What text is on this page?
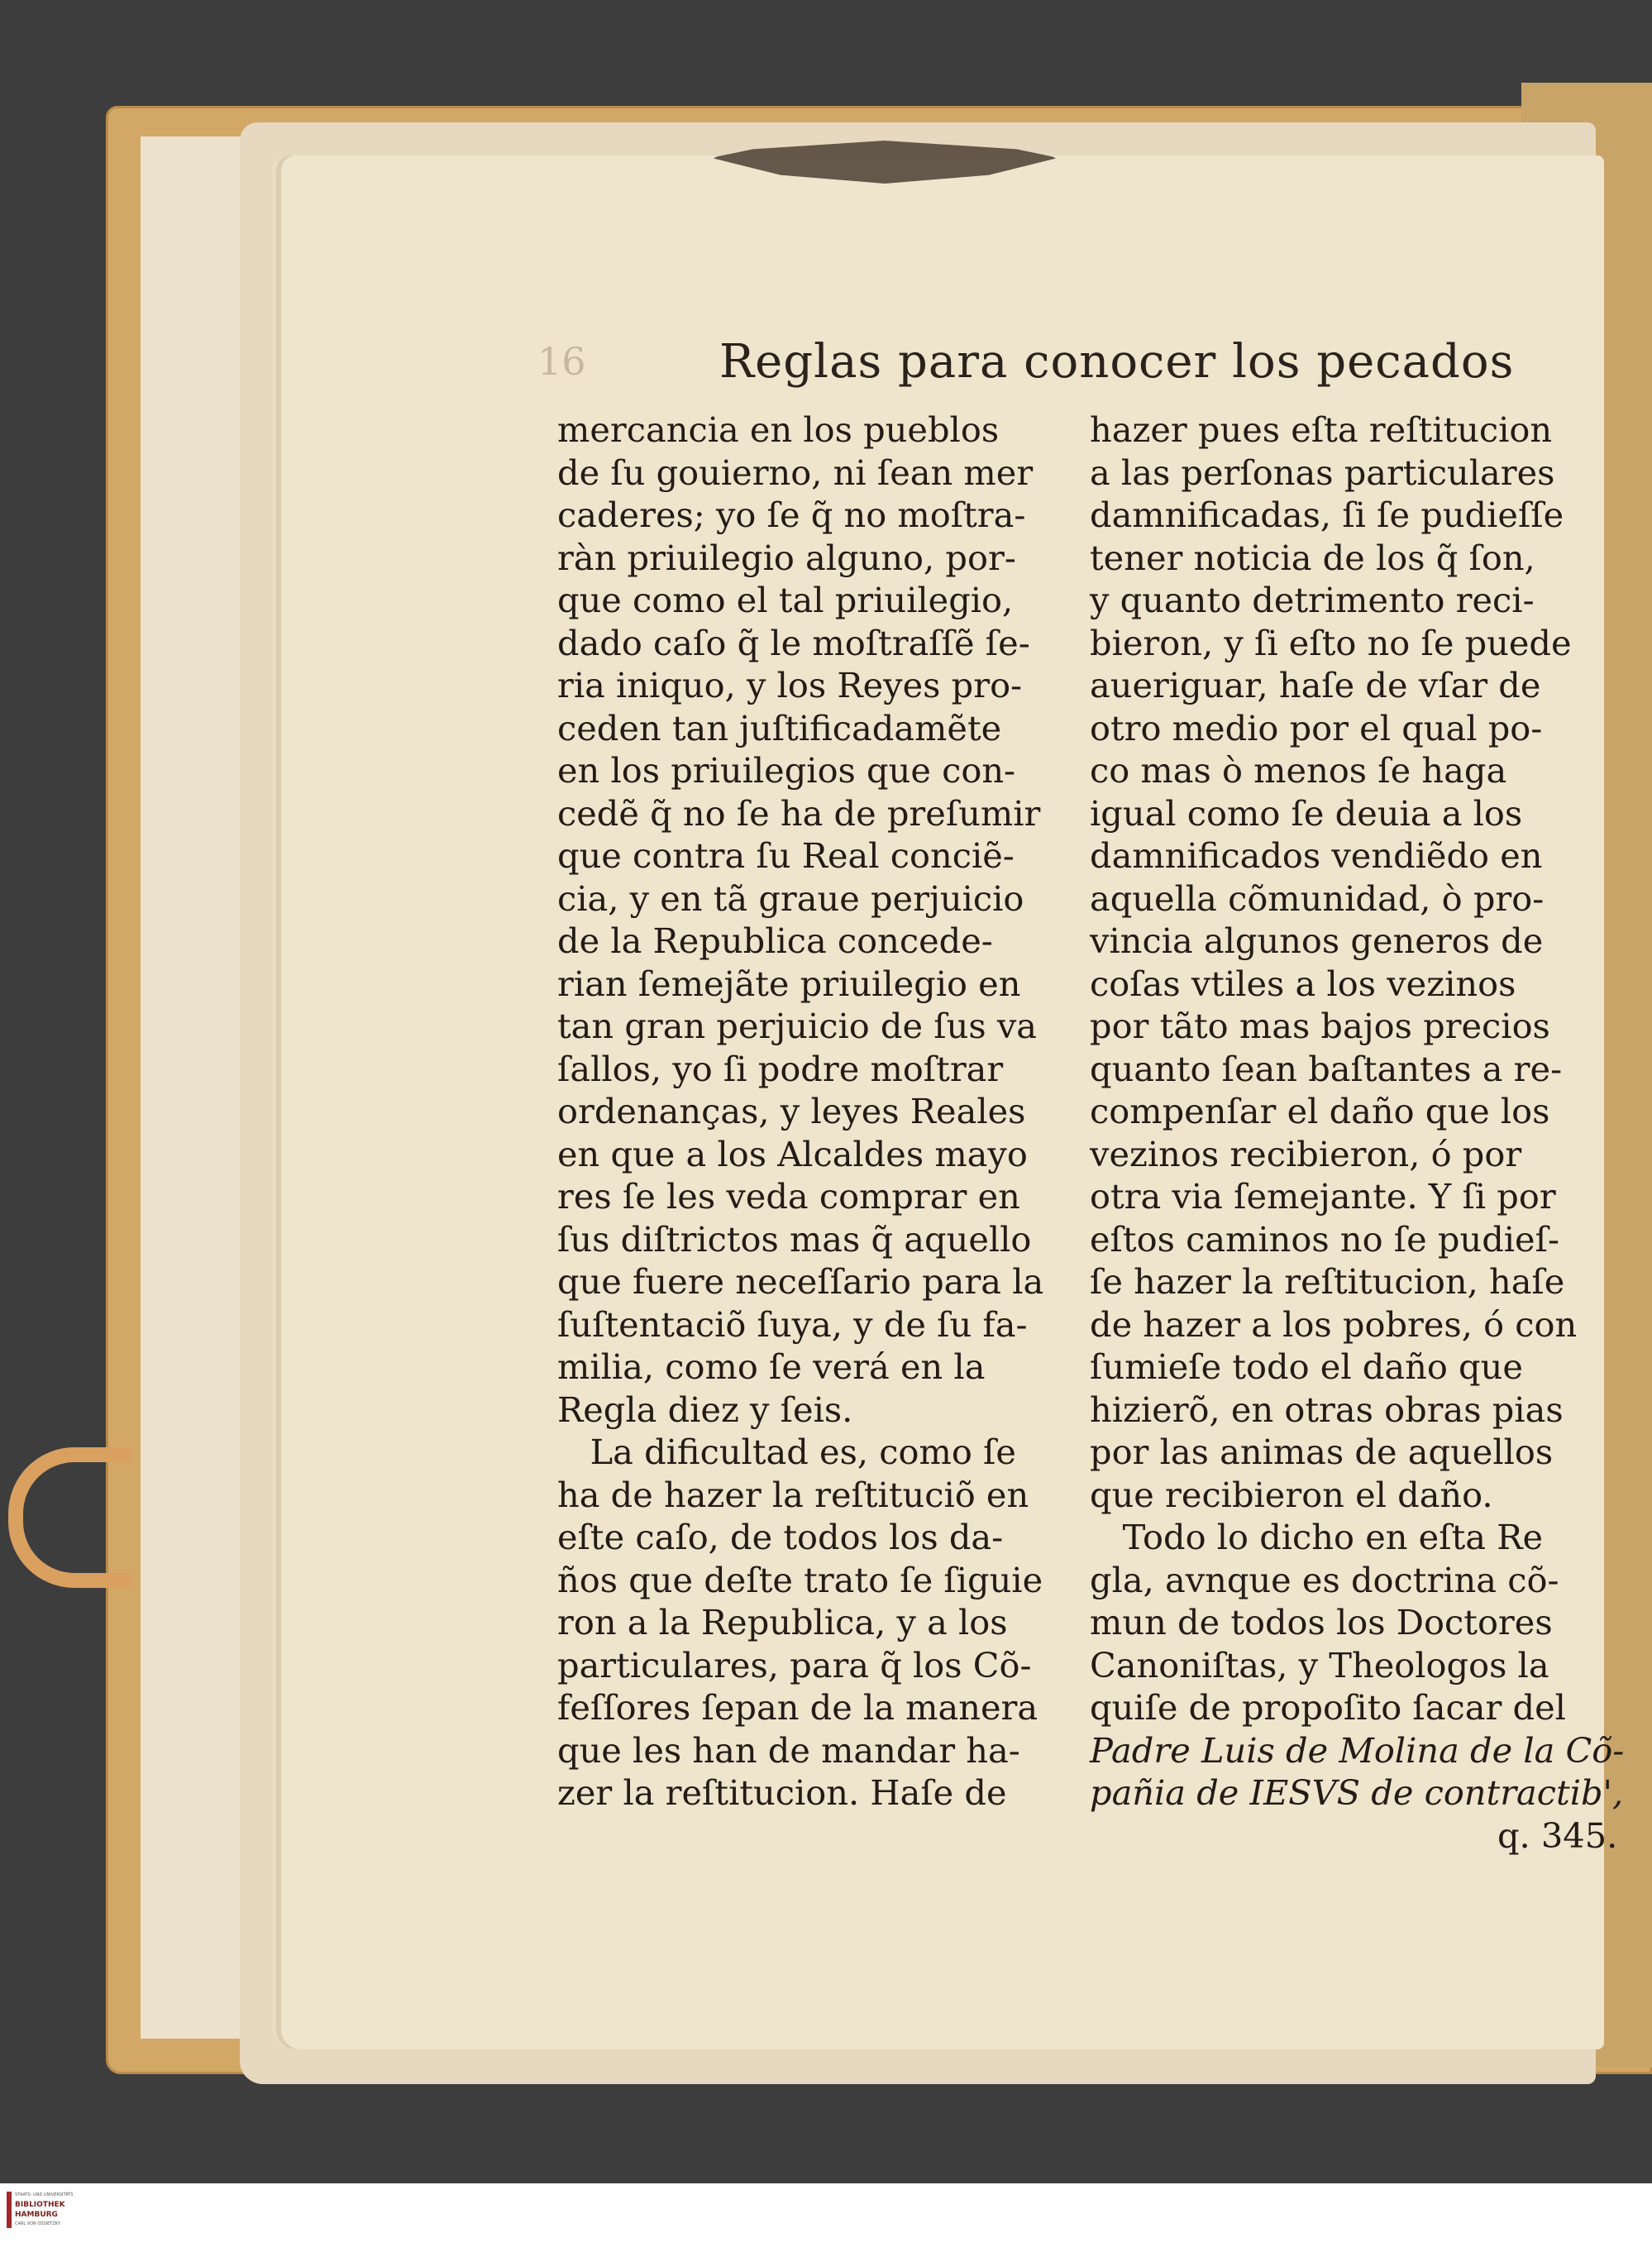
16	Reglas para conocer los pecados
mercancia en los pueblos
de ſu gouierno, ni ſean mer
caderes; yo ſe q̃ no moſtra-
ràn priuilegio alguno, por-
que como el tal priuilegio,
dado caſo q̃ le moſtraſſẽ ſe-
ria iniquo, y los Reyes pro-
ceden tan juſtificadamẽte
en los priuilegios que con-
cedẽ q̃ no ſe ha de preſumir
que contra ſu Real conciẽ-
cia, y en tã graue perjuicio
de la Republica concede-
rian ſemejãte priuilegio en
tan gran perjuicio de ſus va
ſallos, yo ſi podre moſtrar
ordenanças, y leyes Reales
en que a los Alcaldes mayo
res ſe les veda comprar en
ſus diſtrictos mas q̃ aquello
que fuere neceſſario para la
ſuſtentaciõ ſuya, y de ſu fa-
milia, como ſe verá en la
Regla diez y ſeis.
La dificultad es, como ſe
ha de hazer la reſtituciõ en
eſte caſo, de todos los da-
ños que deſte trato ſe ſiguie
ron a la Republica, y a los
particulares, para q̃ los Cõ-
feſſores ſepan de la manera
que les han de mandar ha-
zer la reſtitucion. Haſe de
hazer pues eſta reſtitucion
a las perſonas particulares
damnificadas, ſi ſe pudieſſe
tener noticia de los q̃ ſon,
y quanto detrimento reci-
bieron, y ſi eſto no ſe puede
aueriguar, haſe de vſar de
otro medio por el qual po-
co mas ò menos ſe haga
igual como ſe deuia a los
damnificados vendiẽdo en
aquella cõmunidad, ò pro-
vincia algunos generos de
coſas vtiles a los vezinos
por tãto mas bajos precios
quanto ſean baſtantes a re-
compenſar el daño que los
vezinos recibieron, ó por
otra via ſemejante. Y ſi por
eſtos caminos no ſe pudieſ-
ſe hazer la reſtitucion, haſe
de hazer a los pobres, ó con
ſumieſe todo el daño que
hizierõ, en otras obras pias
por las animas de aquellos
que recibieron el daño.
Todo lo dicho en eſta Re
gla, avnque es doctrina cõ-
mun de todos los Doctores
Canoniſtas, y Theologos la
quiſe de propoſito ſacar del
Padre Luis de Molina de la Cõ-
pañia de IESVS de contractib',
q. 345.
STAATS- UND UNIVERSITÄTS
BIBLIOTHEK
HAMBURG
CARL VON OSSIETZKY
